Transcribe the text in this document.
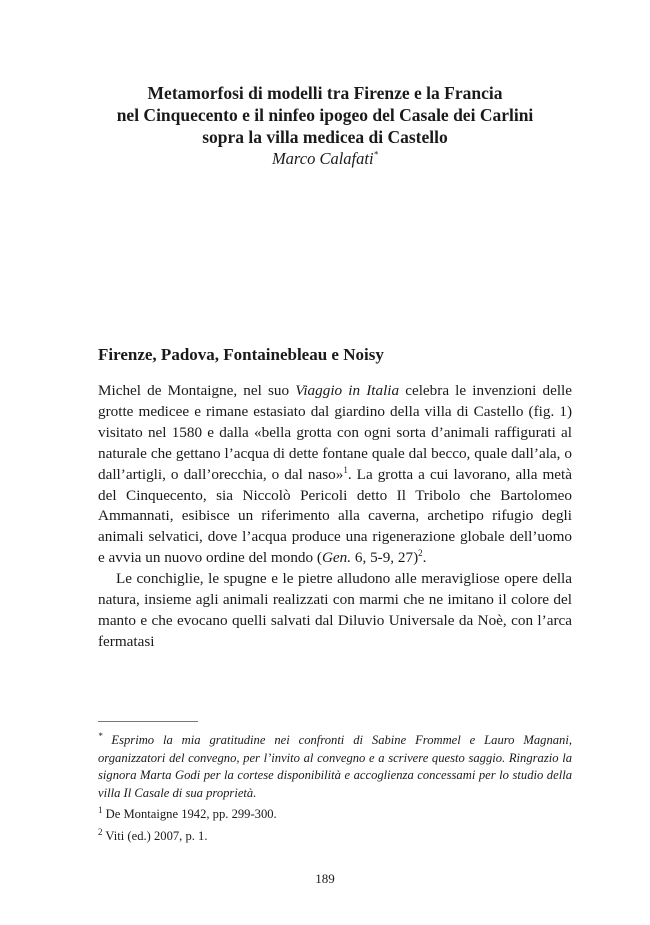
Metamorfosi di modelli tra Firenze e la Francia
nel Cinquecento e il ninfeo ipogeo del Casale dei Carlini
sopra la villa medicea di Castello
Marco Calafati*
Firenze, Padova, Fontainebleau e Noisy

Michel de Montaigne, nel suo Viaggio in Italia celebra le invenzioni delle grotte medicee e rimane estasiato dal giardino della villa di Castello (fig. 1) visitato nel 1580 e dalla «bella grotta con ogni sorta d’animali raffigurati al naturale che gettano l’acqua di dette fontane quale dal becco, quale dall’ala, o dall’artigli, o dall’orecchia, o dal naso»$^1$. La grotta a cui lavorano, alla metà del Cinquecento, sia Niccolò Pericoli detto Il Tribolo che Bartolomeo Ammannati, esibisce un riferimento alla caverna, archetipo rifugio degli animali selvatici, dove l’acqua produce una rigenerazione globale dell’uomo e avvia un nuovo ordine del mondo (Gen. 6, 5-9, 27)$^2$.

Le conchiglie, le spugne e le pietre alludono alle meravigliose opere della natura, insieme agli animali realizzati con marmi che ne imitano il colore del manto e che evocano quelli salvati dal Diluvio Universale da Noè, con l’arca fermatasi

* Esprimo la mia gratitudine nei confronti di Sabine Frommel e Lauro Magnani, organizzatori del convegno, per l’invito al convegno e a scrivere questo saggio. Ringrazio la signora Marta Godi per la cortese disponibilità e accoglienza concessami per lo studio della villa Il Casale di sua proprietà.

$^1$ De Montaigne 1942, pp. 299-300.

$^2$ Viti (ed.) 2007, p. 1.

189
